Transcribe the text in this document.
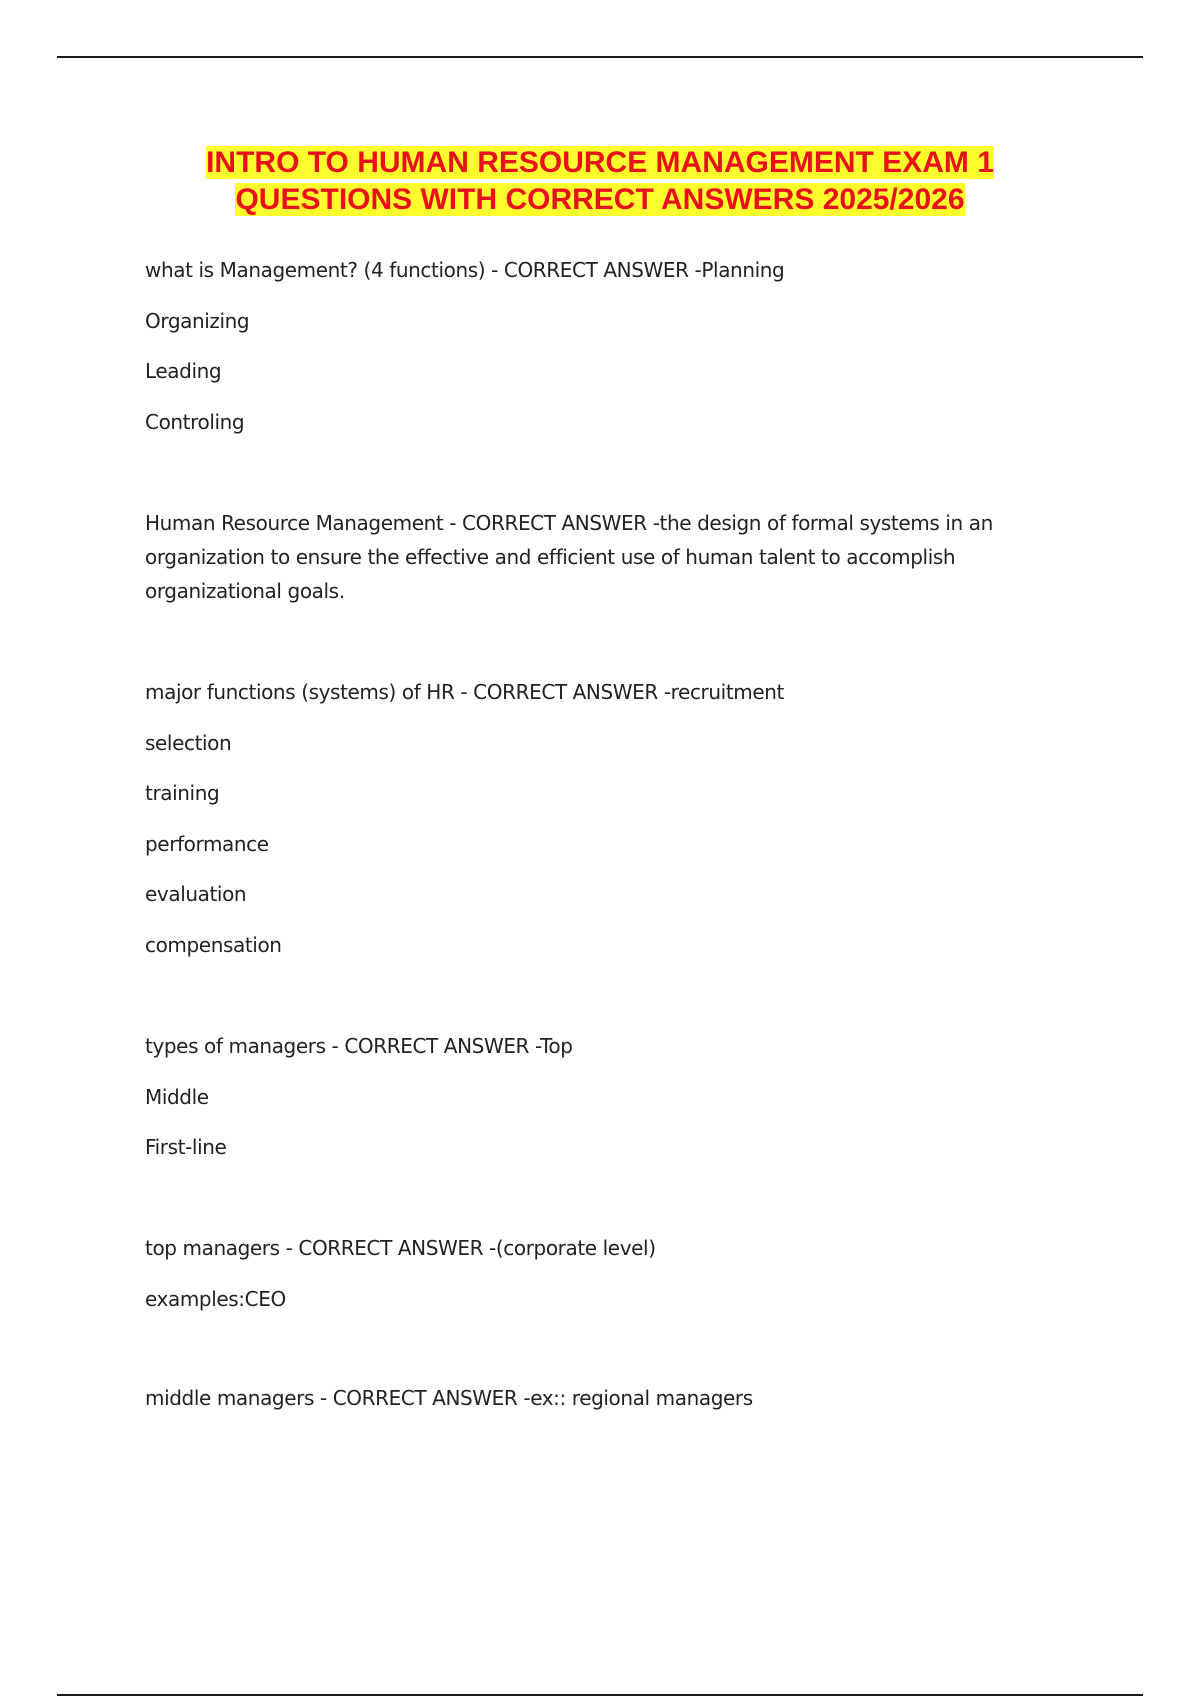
INTRO TO HUMAN RESOURCE MANAGEMENT EXAM 1
QUESTIONS WITH CORRECT ANSWERS 2025/2026
what is Management? (4 functions) - CORRECT ANSWER -Planning
Organizing
Leading
Controling
Human Resource Management - CORRECT ANSWER -the design of formal systems in an organization to ensure the effective and efficient use of human talent to accomplish organizational goals.
major functions (systems) of HR - CORRECT ANSWER -recruitment
selection
training
performance
evaluation
compensation
types of managers - CORRECT ANSWER -Top
Middle
First-line
top managers - CORRECT ANSWER -(corporate level)
examples:CEO
middle managers - CORRECT ANSWER -ex:: regional managers
